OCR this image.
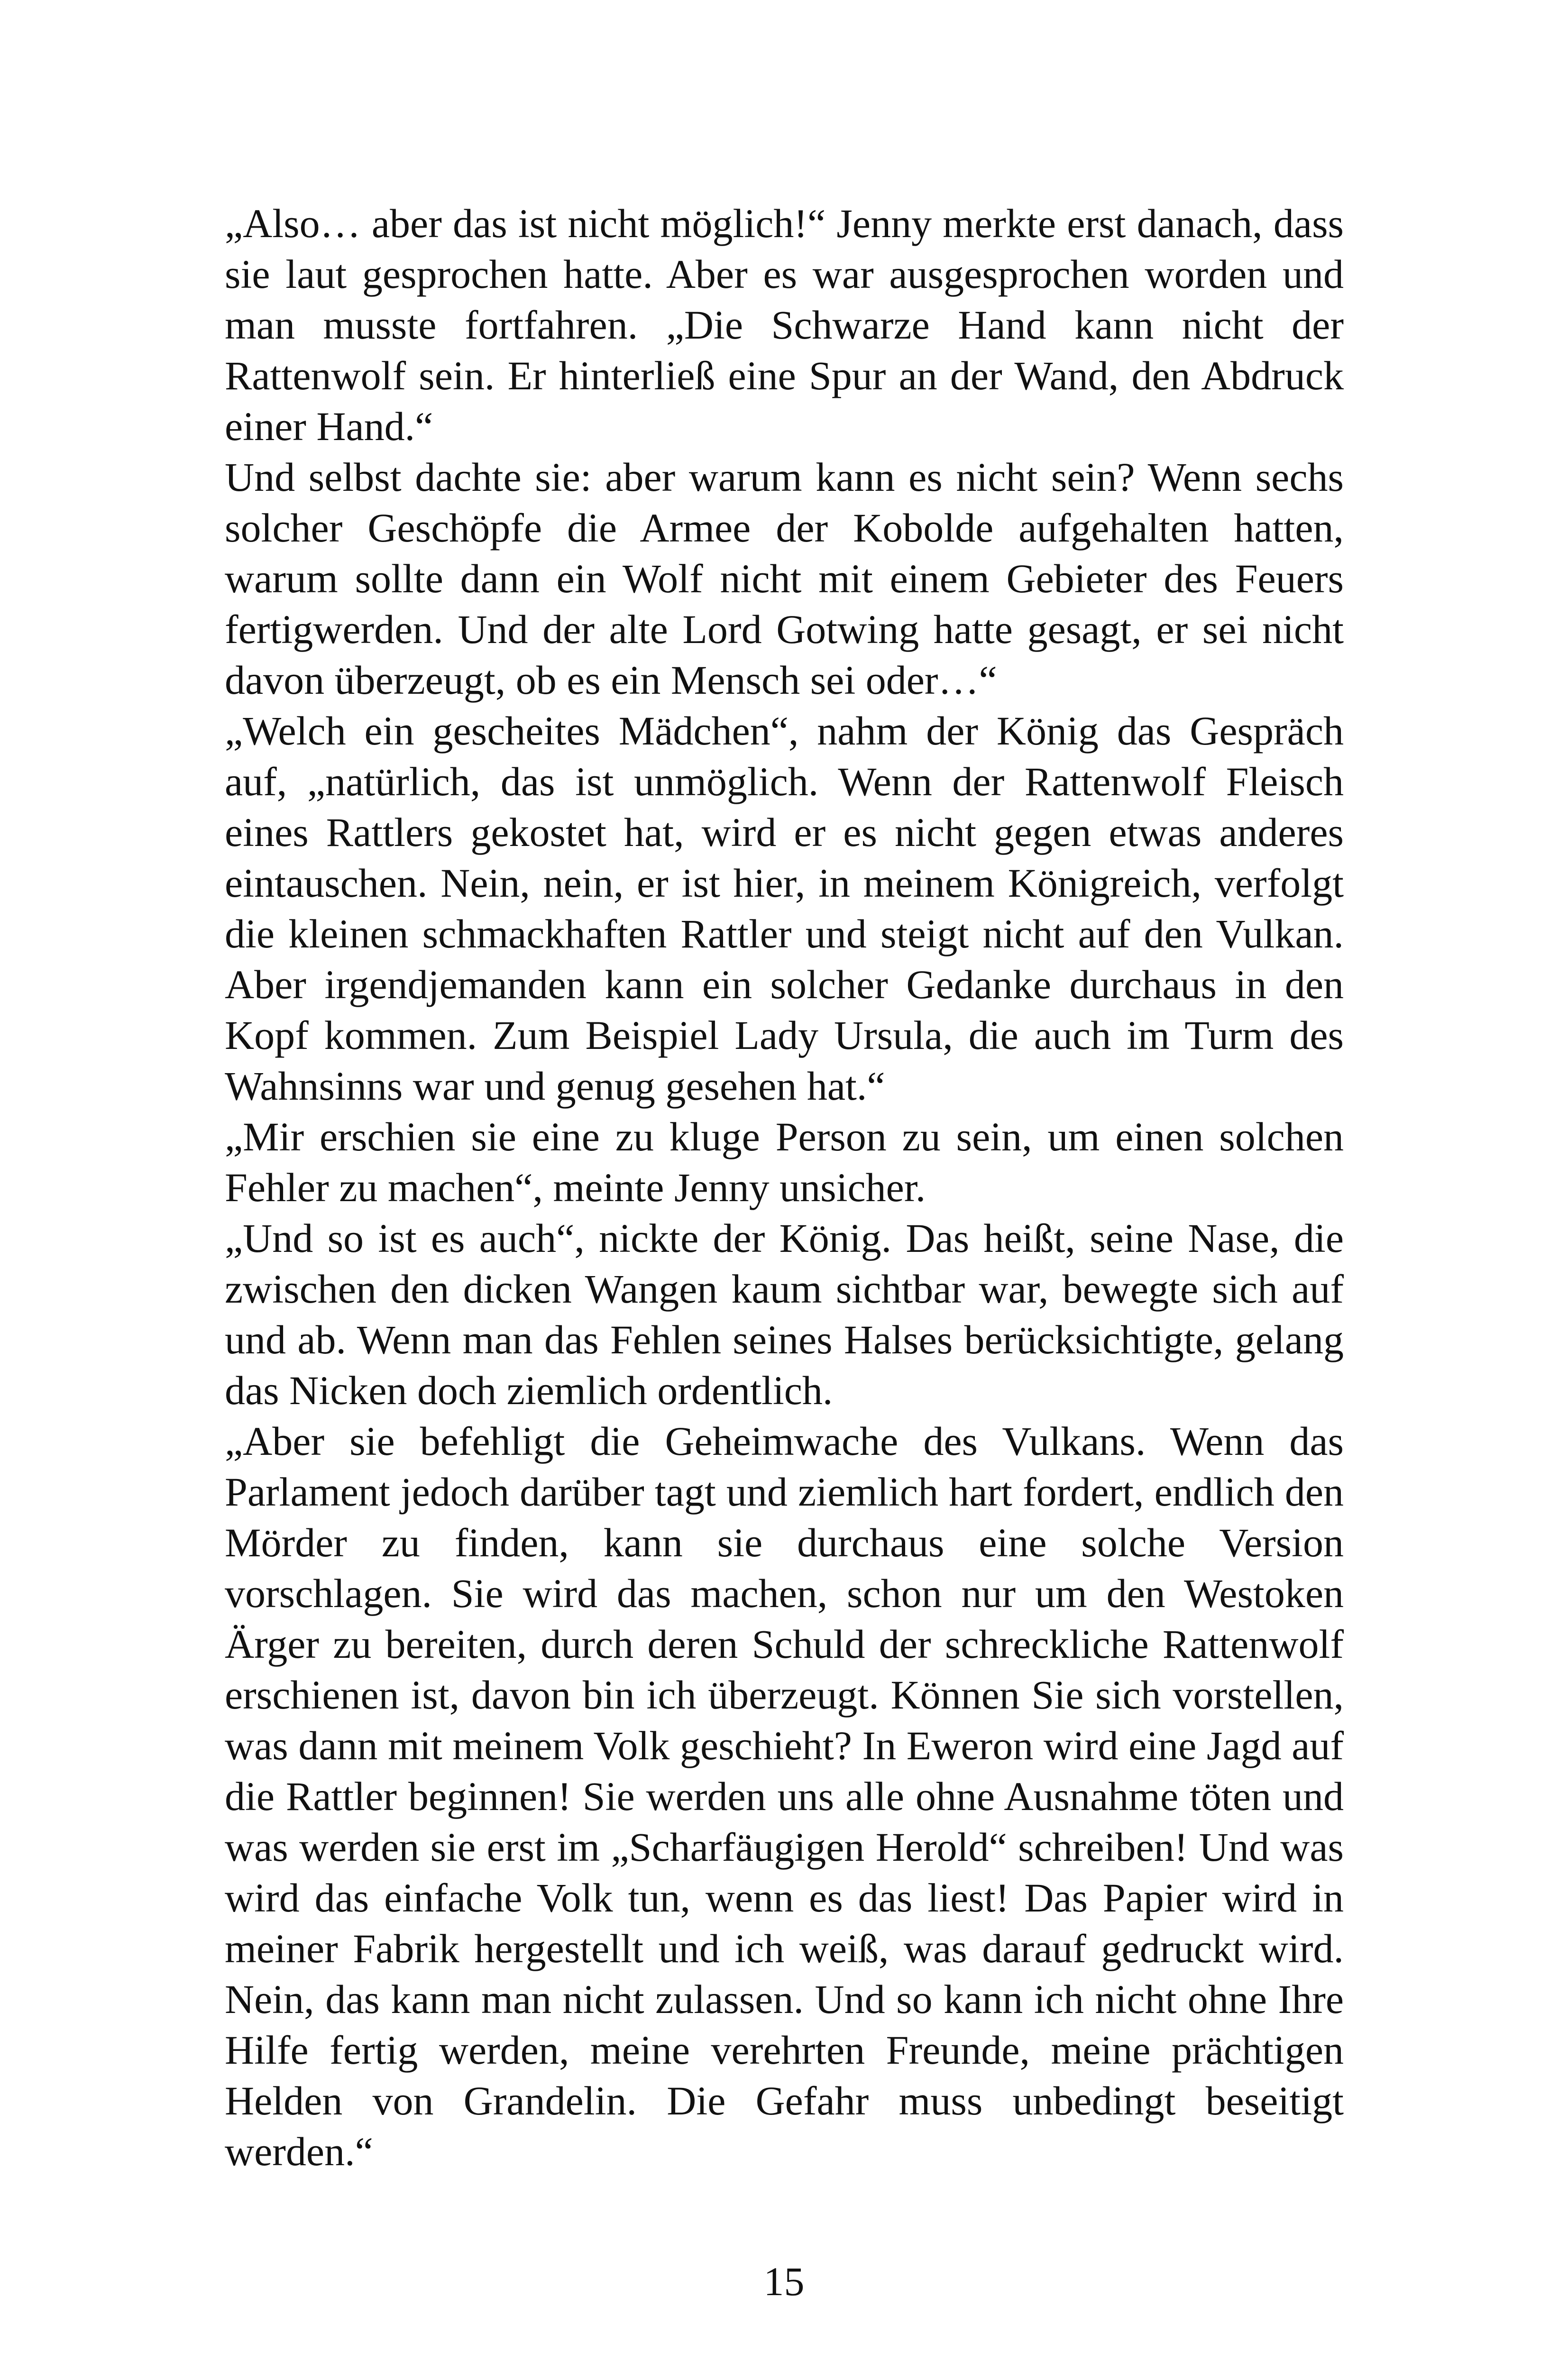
„Also… aber das ist nicht möglich!“ Jenny merkte erst danach, dass sie laut gesprochen hatte. Aber es war ausgesprochen worden und man musste fortfahren. „Die Schwarze Hand kann nicht der Rattenwolf sein. Er hinterließ eine Spur an der Wand, den Abdruck einer Hand.“

Und selbst dachte sie: aber warum kann es nicht sein? Wenn sechs solcher Geschöpfe die Armee der Kobolde aufgehalten hatten, warum sollte dann ein Wolf nicht mit einem Gebieter des Feuers fertigwerden. Und der alte Lord Gotwing hatte gesagt, er sei nicht davon überzeugt, ob es ein Mensch sei oder…“

„Welch ein gescheites Mädchen“, nahm der König das Gespräch auf, „natürlich, das ist unmöglich. Wenn der Rattenwolf Fleisch eines Rattlers gekostet hat, wird er es nicht gegen etwas anderes eintauschen. Nein, nein, er ist hier, in meinem Königreich, verfolgt die kleinen schmackhaften Rattler und steigt nicht auf den Vulkan. Aber irgendjemanden kann ein solcher Gedanke durchaus in den Kopf kommen. Zum Beispiel Lady Ursula, die auch im Turm des Wahnsinns war und genug gesehen hat.“

„Mir erschien sie eine zu kluge Person zu sein, um einen solchen Fehler zu machen“, meinte Jenny unsicher.

„Und so ist es auch“, nickte der König. Das heißt, seine Nase, die zwischen den dicken Wangen kaum sichtbar war, bewegte sich auf und ab. Wenn man das Fehlen seines Halses berücksichtigte, gelang das Nicken doch ziemlich ordentlich.

„Aber sie befehligt die Geheimwache des Vulkans. Wenn das Parlament jedoch darüber tagt und ziemlich hart fordert, endlich den Mörder zu finden, kann sie durchaus eine solche Version vorschlagen. Sie wird das machen, schon nur um den Westoken Ärger zu bereiten, durch deren Schuld der schreckliche Rattenwolf erschienen ist, davon bin ich überzeugt. Können Sie sich vorstellen, was dann mit meinem Volk geschieht? In Eweron wird eine Jagd auf die Rattler beginnen! Sie werden uns alle ohne Ausnahme töten und was werden sie erst im „Scharfäugigen Herold“ schreiben! Und was wird das einfache Volk tun, wenn es das liest! Das Papier wird in meiner Fabrik hergestellt und ich weiß, was darauf gedruckt wird. Nein, das kann man nicht zulassen. Und so kann ich nicht ohne Ihre Hilfe fertig werden, meine verehrten Freunde, meine prächtigen Helden von Grandelin. Die Gefahr muss unbedingt beseitigt werden.“

15
